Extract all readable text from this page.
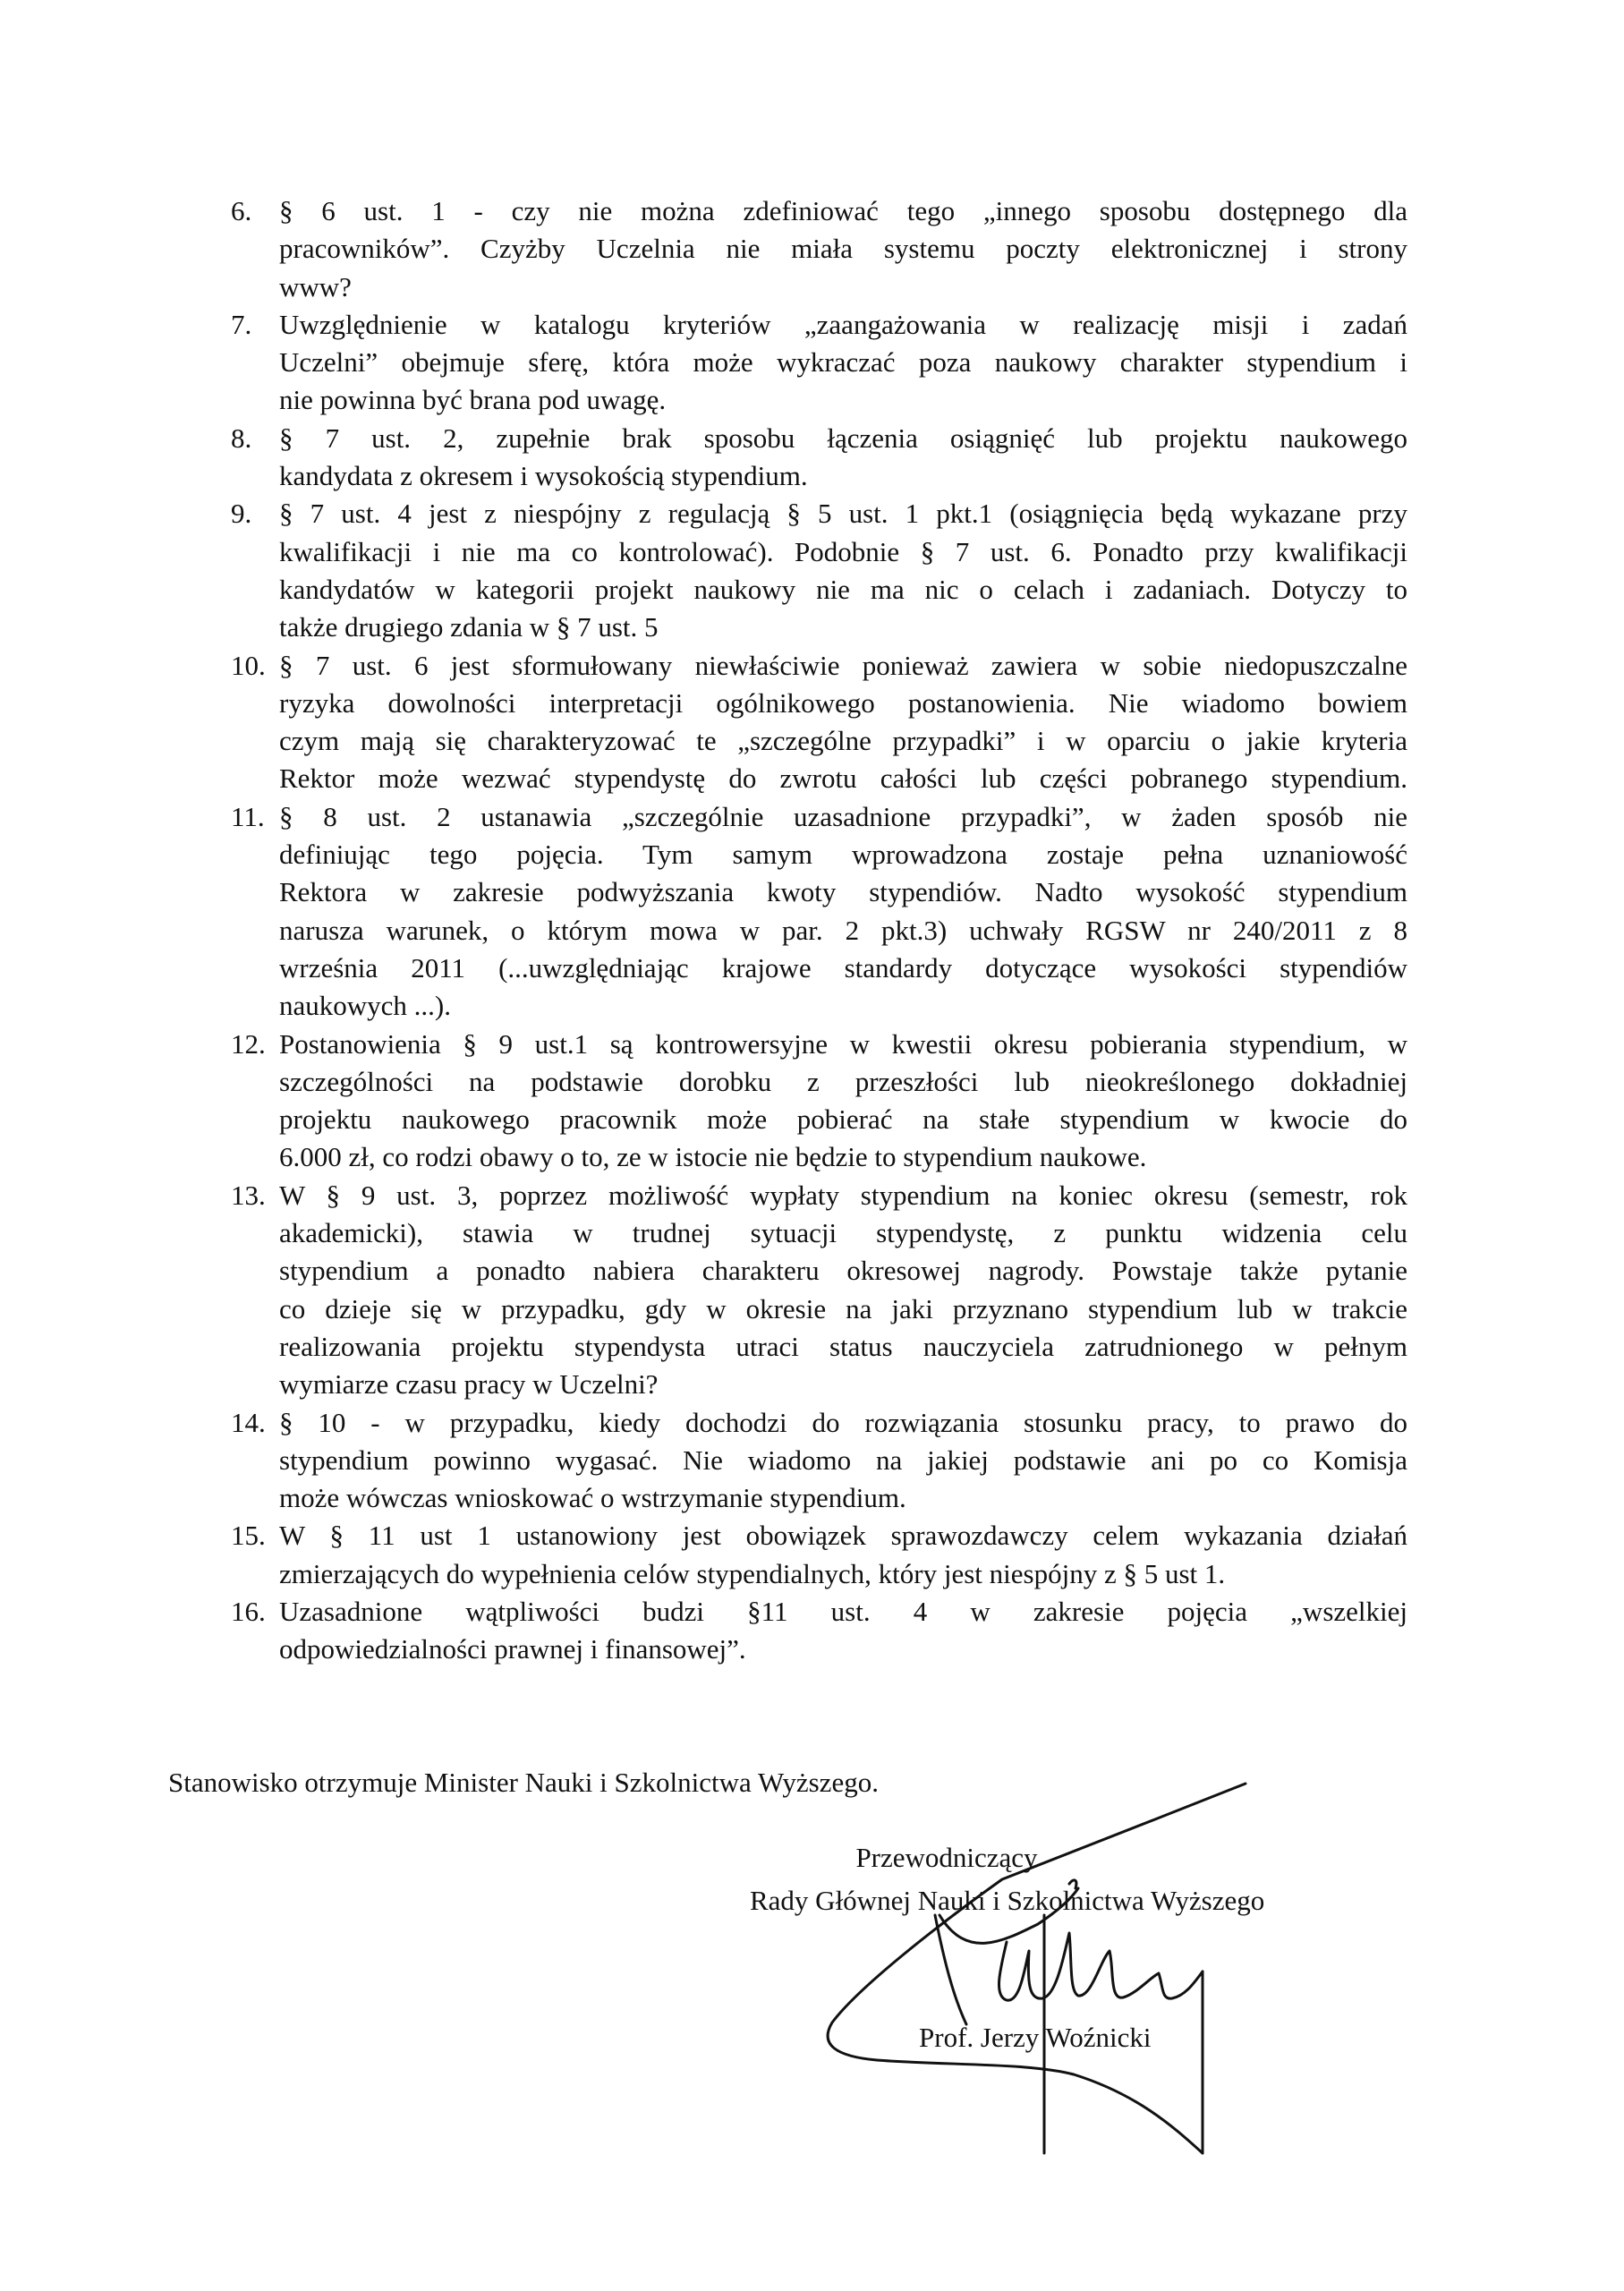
6. § 6 ust. 1 - czy nie można zdefiniować tego „innego sposobu dostępnego dla
pracowników”. Czyżby Uczelnia nie miała systemu poczty elektronicznej i strony
www?
7. Uwzględnienie w katalogu kryteriów „zaangażowania w realizację misji i zadań
Uczelni” obejmuje sferę, która może wykraczać poza naukowy charakter stypendium i
nie powinna być brana pod uwagę.
8. § 7 ust. 2, zupełnie brak sposobu łączenia osiągnięć lub projektu naukowego
kandydata z okresem i wysokością stypendium.
9. § 7 ust. 4 jest z niespójny z regulacją § 5 ust. 1 pkt.1 (osiągnięcia będą wykazane przy
kwalifikacji i nie ma co kontrolować). Podobnie § 7 ust. 6. Ponadto przy kwalifikacji
kandydatów w kategorii projekt naukowy nie ma nic o celach i zadaniach. Dotyczy to
także drugiego zdania w § 7 ust. 5
10. § 7 ust. 6 jest sformułowany niewłaściwie ponieważ zawiera w sobie niedopuszczalne
ryzyka dowolności interpretacji ogólnikowego postanowienia. Nie wiadomo bowiem
czym mają się charakteryzować te „szczególne przypadki” i w oparciu o jakie kryteria
Rektor może wezwać stypendystę do zwrotu całości lub części pobranego stypendium.
11. § 8 ust. 2 ustanawia „szczególnie uzasadnione przypadki”, w żaden sposób nie
definiując tego pojęcia. Tym samym wprowadzona zostaje pełna uznaniowość
Rektora w zakresie podwyższania kwoty stypendiów. Nadto wysokość stypendium
narusza warunek, o którym mowa w par. 2 pkt.3) uchwały RGSW nr 240/2011 z 8
września 2011 (...uwzględniając krajowe standardy dotyczące wysokości stypendiów
naukowych ...).
12. Postanowienia § 9 ust.1 są kontrowersyjne w kwestii okresu pobierania stypendium, w
szczególności na podstawie dorobku z przeszłości lub nieokreślonego dokładniej
projektu naukowego pracownik może pobierać na stałe stypendium w kwocie do
6.000 zł, co rodzi obawy o to, ze w istocie nie będzie to stypendium naukowe.
13. W § 9 ust. 3, poprzez możliwość wypłaty stypendium na koniec okresu (semestr, rok
akademicki), stawia w trudnej sytuacji stypendystę, z punktu widzenia celu
stypendium a ponadto nabiera charakteru okresowej nagrody. Powstaje także pytanie
co dzieje się w przypadku, gdy w okresie na jaki przyznano stypendium lub w trakcie
realizowania projektu stypendysta utraci status nauczyciela zatrudnionego w pełnym
wymiarze czasu pracy w Uczelni?
14. § 10 - w przypadku, kiedy dochodzi do rozwiązania stosunku pracy, to prawo do
stypendium powinno wygasać. Nie wiadomo na jakiej podstawie ani po co Komisja
może wówczas wnioskować o wstrzymanie stypendium.
15. W § 11 ust 1 ustanowiony jest obowiązek sprawozdawczy celem wykazania działań
zmierzających do wypełnienia celów stypendialnych, który jest niespójny z § 5 ust 1.
16. Uzasadnione wątpliwości budzi §11 ust. 4 w zakresie pojęcia „wszelkiej
odpowiedzialności prawnej i finansowej”.
Stanowisko otrzymuje Minister Nauki i Szkolnictwa Wyższego.
Przewodniczący
Rady Głównej Nauki i Szkolnictwa Wyższego
Prof. Jerzy Woźnicki
